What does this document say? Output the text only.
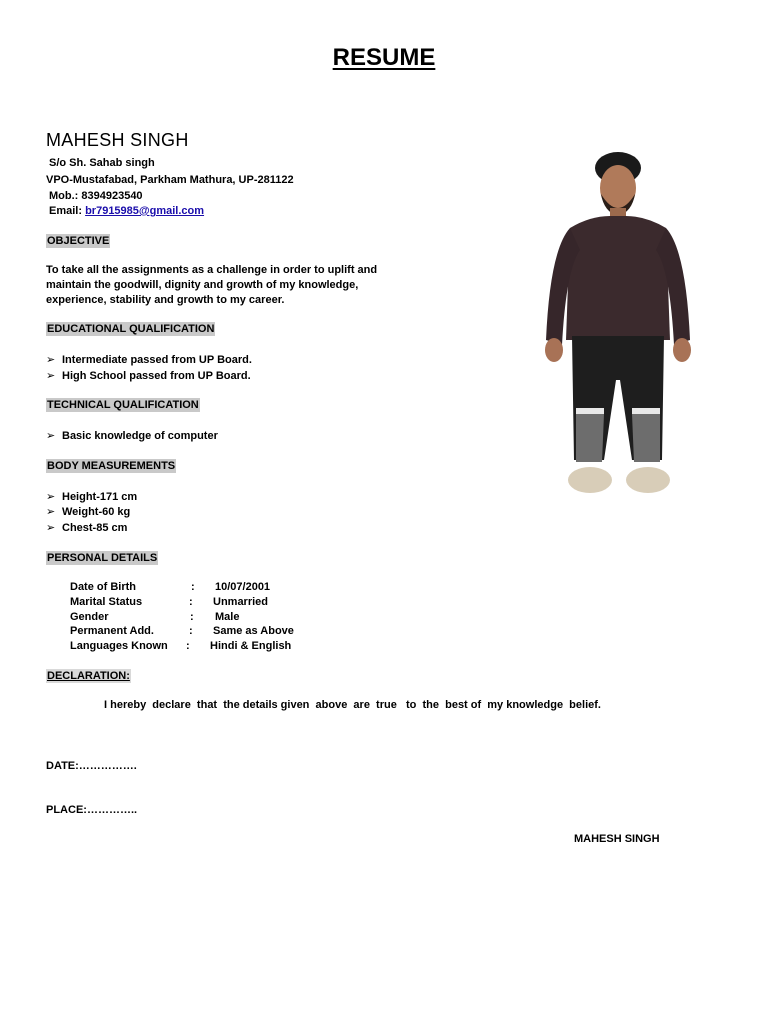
RESUME
MAHESH SINGH
S/o Sh. Sahab singh
VPO-Mustafabad, Parkham Mathura, UP-281122
Mob.: 8394923540
Email: br7915985@gmail.com
OBJECTIVE
To take all the assignments as a challenge in order to uplift and maintain the goodwill, dignity and growth of my knowledge, experience, stability and growth to my career.
EDUCATIONAL QUALIFICATION
➢ Intermediate passed from UP Board.
➢ High School passed from UP Board.
TECHNICAL QUALIFICATION
➢ Basic knowledge of computer
BODY MEASUREMENTS
➢ Height-171 cm
➢ Weight-60 kg
➢ Chest-85 cm
PERSONAL DETAILS
Date of Birth	: 10/07/2001
Marital Status	: Unmarried
Gender	: Male
Permanent Add.	: Same as Above
Languages Known : Hindi & English
DECLARATION:
I hereby  declare  that  the details given  above  are  true   to  the  best of  my knowledge  belief.
DATE:…………….
PLACE:…………..
MAHESH SINGH
